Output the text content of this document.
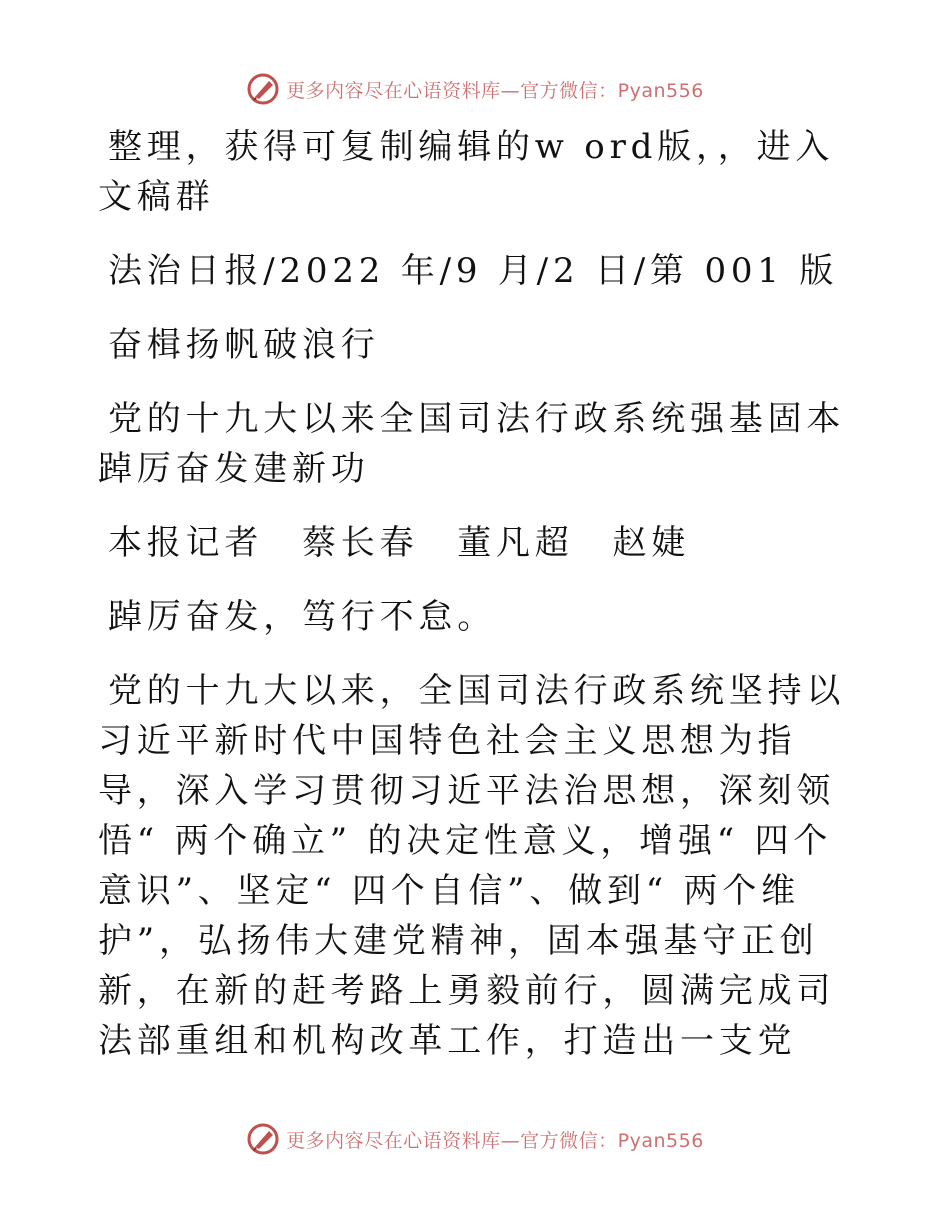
更多内容尽在心语资料库—官方微信：Pyan556

整理，获得可复制编辑的w ord版，，进入文稿群

法治日报/2022 年/9 月/2 日/第 001 版

奋楫扬帆破浪行

党的十九大以来全国司法行政系统强基固本踔厉奋发建新功

本报记者　蔡长春　董凡超　赵婕

踔厉奋发，笃行不怠。

党的十九大以来，全国司法行政系统坚持以习近平新时代中国特色社会主义思想为指导，深入学习贯彻习近平法治思想，深刻领悟“ 两个确立” 的决定性意义，增强“ 四个意识”、坚定“ 四个自信”、做到“ 两个维护”，弘扬伟大建党精神，固本强基守正创新，在新的赶考路上勇毅前行，圆满完成司法部重组和机构改革工作，打造出一支党

更多内容尽在心语资料库—官方微信：Pyan556
